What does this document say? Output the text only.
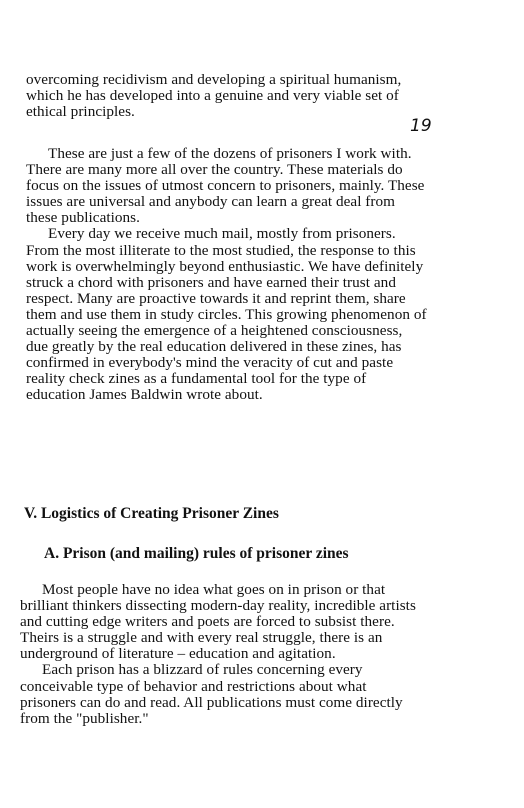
overcoming recidivism and developing a spiritual humanism, which he has developed into a genuine and very viable set of ethical principles.

19

These are just a few of the dozens of prisoners I work with. There are many more all over the country. These materials do focus on the issues of utmost concern to prisoners, mainly. These issues are universal and anybody can learn a great deal from these publications.

Every day we receive much mail, mostly from prisoners. From the most illiterate to the most studied, the response to this work is overwhelmingly beyond enthusiastic. We have definitely struck a chord with prisoners and have earned their trust and respect. Many are proactive towards it and reprint them, share them and use them in study circles. This growing phenomenon of actually seeing the emergence of a heightened consciousness, due greatly by the real education delivered in these zines, has confirmed in everybody's mind the veracity of cut and paste reality check zines as a fundamental tool for the type of education James Baldwin wrote about.

V. Logistics of Creating Prisoner Zines
A. Prison (and mailing) rules of prisoner zines

Most people have no idea what goes on in prison or that brilliant thinkers dissecting modern-day reality, incredible artists and cutting edge writers and poets are forced to subsist there. Theirs is a struggle and with every real struggle, there is an underground of literature – education and agitation.

Each prison has a blizzard of rules concerning every conceivable type of behavior and restrictions about what prisoners can do and read. All publications must come directly from the "publisher."
